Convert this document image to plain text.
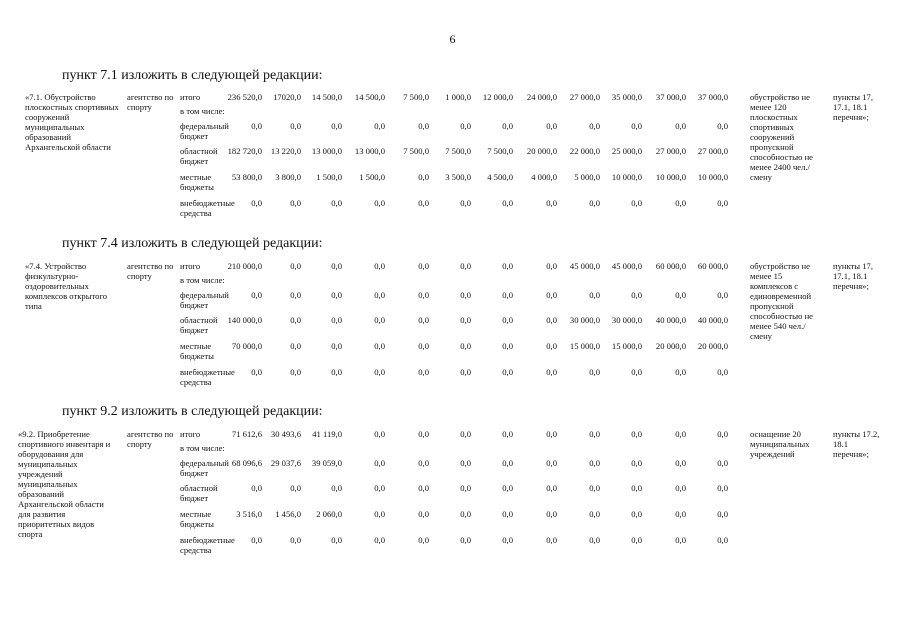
6
пункт 7.1 изложить в следующей редакции:
«7.1. Обустройство плоскостных спортивных сооружений муниципальных образований Архангельской области
агентство по спорту
итого	236 520,0	17020,0	14 500,0	14 500,0	7 500,0	1 000,0	12 000,0	24 000,0	27 000,0	35 000,0	37 000,0	37 000,0
в том числе:
федеральный бюджет
0,0	0,0	0,0	0,0	0,0	0,0	0,0	0,0	0,0	0,0	0,0	0,0
областной бюджет
182 720,0	13 220,0	13 000,0	13 000,0	7 500,0	7 500,0	7 500,0	20 000,0	22 000,0	25 000,0	27 000,0	27 000,0
местные бюджеты
53 800,0	3 800,0	1 500,0	1 500,0	0,0	3 500,0	4 500,0	4 000,0	5 000,0	10 000,0	10 000,0	10 000,0
внебюджетные средства
0,0	0,0	0,0	0,0	0,0	0,0	0,0	0,0	0,0	0,0	0,0	0,0
обустройство не менее 120 плоскостных спортивных сооружений пропускной способностью не менее 2400 чел./смену
пункты 17, 17.1, 18.1 перечня»;
пункт 7.4 изложить в следующей редакции:
«7.4. Устройство физкультурно-оздоровительных комплексов открытого типа
агентство по спорту
итого	210 000,0	0,0	0,0	0,0	0,0	0,0	0,0	0,0	45 000,0	45 000,0	60 000,0	60 000,0
в том числе:
федеральный бюджет
0,0	0,0	0,0	0,0	0,0	0,0	0,0	0,0	0,0	0,0	0,0	0,0
областной бюджет
140 000,0	0,0	0,0	0,0	0,0	0,0	0,0	0,0	30 000,0	30 000,0	40 000,0	40 000,0
местные бюджеты
70 000,0	0,0	0,0	0,0	0,0	0,0	0,0	0,0	15 000,0	15 000,0	20 000,0	20 000,0
внебюджетные средства
0,0	0,0	0,0	0,0	0,0	0,0	0,0	0,0	0,0	0,0	0,0	0,0
обустройство не менее 15 комплексов с единовременной пропускной способностью не менее 540 чел./смену
пункты 17, 17.1, 18.1 перечня»;
пункт 9.2 изложить в следующей редакции:
«9.2. Приобретение спортивного инвентаря и оборудования для муниципальных учреждений муниципальных образований Архангельской области для развития приоритетных видов спорта
агентство по спорту
итого	71 612,6	30 493,6	41 119,0	0,0	0,0	0,0	0,0	0,0	0,0	0,0	0,0	0,0
в том числе:
федеральный бюджет
68 096,6	29 037,6	39 059,0	0,0	0,0	0,0	0,0	0,0	0,0	0,0	0,0	0,0
областной бюджет
0,0	0,0	0,0	0,0	0,0	0,0	0,0	0,0	0,0	0,0	0,0	0,0
местные бюджеты
3 516,0	1 456,0	2 060,0	0,0	0,0	0,0	0,0	0,0	0,0	0,0	0,0	0,0
внебюджетные средства
0,0	0,0	0,0	0,0	0,0	0,0	0,0	0,0	0,0	0,0	0,0	0,0
оснащение 20 муниципальных учреждений
пункты 17.2, 18.1 перечня»;
